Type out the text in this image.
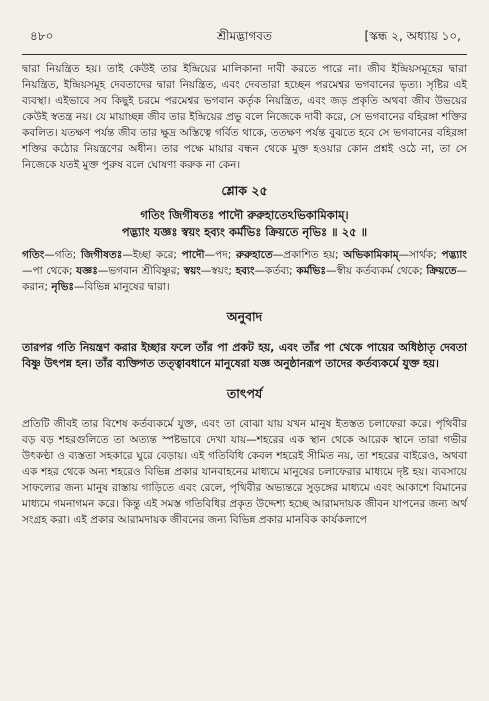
৪৮০	শ্রীমদ্ভাগবত	[স্কন্ধ ২, অধ্যায় ১০,

দ্বারা নিয়ন্ত্রিত হয়। তাই কেউই তার ইন্দ্রিয়ের মালিকানা দাবী করতে পারে না। জীব ইন্দ্রিয়সমূহের দ্বারা নিয়ন্ত্রিত, ইন্দ্রিয়সমূহ দেবতাদের দ্বারা নিয়ন্ত্রিত, এবং দেবতারা হচ্ছেন পরমেশ্বর ভগবানের ভৃত্য। সৃষ্টির এই ব্যবস্থা। এইভাবে সব কিছুই চরমে পরমেশ্বর ভগবান কর্তৃক নিয়ন্ত্রিত, এবং জড় প্রকৃতি অথবা জীব উভয়ের কেউই স্বতন্ত্র নয়। যে মায়াচ্ছন্ন জীব তার ইন্দ্রিয়ের প্রভু বলে নিজেকে দাবী করে, সে ভগবানের বহিরঙ্গা শক্তির কবলিত। যতক্ষণ পর্যন্ত জীব তার ক্ষুদ্র অস্তিত্বে গর্বিত থাকে, ততক্ষণ পর্যন্ত বুঝতে হবে সে ভগবানের বহিরঙ্গা শক্তির কঠোর নিয়ন্ত্রণের অধীন। তার পক্ষে মায়ার বন্ধন থেকে মুক্ত হওয়ার কোন প্রশ্নই ওঠে না, তা সে নিজেকে যতই মুক্ত পুরুষ বলে ঘোষণা করুক না কেন।

শ্লোক ২৫
গতিং জিগীষতঃ পাদৌ রুরুহাতেঽভিকামিকাম্‌।
পদ্ভ্যাং যজ্ঞঃ স্বয়ং হব্যং কর্মভিঃ ক্রিয়তে নৃভিঃ ॥ ২৫ ॥
গতিং—গতি; জিগীষতঃ—ইচ্ছা করে; পাদৌ—পদ; রুরুহাতে—প্রকাশিত হয়; অভিকামিকাম্‌—সার্থক; পদ্ভ্যাং—পা থেকে; যজ্ঞঃ—ভগবান শ্রীবিষ্ণুর; স্বয়ং—স্বয়ং; হব্যং—কর্তব্য; কর্মভিঃ—স্বীয় কর্তব্যকর্ম থেকে; ক্রিয়তে—করান; নৃভিঃ—বিভিন্ন মানুষের দ্বারা।
অনুবাদ

তারপর গতি নিয়ন্ত্রণ করার ইচ্ছার ফলে তাঁর পা প্রকট হয়, এবং তাঁর পা থেকে পায়ের অধিষ্ঠাতৃ দেবতা বিষ্ণু উৎপন্ন হন। তাঁর ব্যক্তিগত তত্ত্বাবধানে মানুষেরা যজ্ঞ অনুষ্ঠানরূপ তাদের কর্তব্যকর্মে যুক্ত হয়।

তাৎপর্য

প্রতিটি জীবই তার বিশেষ কর্তব্যকর্মে যুক্ত, এবং তা বোঝা যায় যখন মানুষ ইতস্তত চলাফেরা করে। পৃথিবীর বড় বড় শহরগুলিতে তা অত্যন্ত স্পষ্টভাবে দেখা যায়—শহরের এক স্থান থেকে আরেক স্থানে তারা গভীর উৎকণ্ঠা ও ব্যস্ততা সহকারে ঘুরে বেড়ায়। এই গতিবিধি কেবল শহরেই সীমিত নয়, তা শহরের বাইরেও, অথবা এক শহর থেকে অন্য শহরেও বিভিন্ন প্রকার যানবাহনের মাধ্যমে মানুষের চলাফেরার মাধ্যমে দৃষ্ট হয়। ব্যবসায়ে সাফল্যের জন্য মানুষ রাস্তায় গাড়িতে এবং রেলে, পৃথিবীর অভ্যন্তরে সুড়ঙ্গের মাধ্যমে এবং আকাশে বিমানের মাধ্যমে গমনাগমন করে। কিন্তু এই সমস্ত গতিবিধির প্রকৃত উদ্দেশ্য হচ্ছে আরামদায়ক জীবন যাপনের জন্য অর্থ সংগ্রহ করা। এই প্রকার আরামদায়ক জীবনের জন্য বিভিন্ন প্রকার মানবিক কার্যকলাপে
